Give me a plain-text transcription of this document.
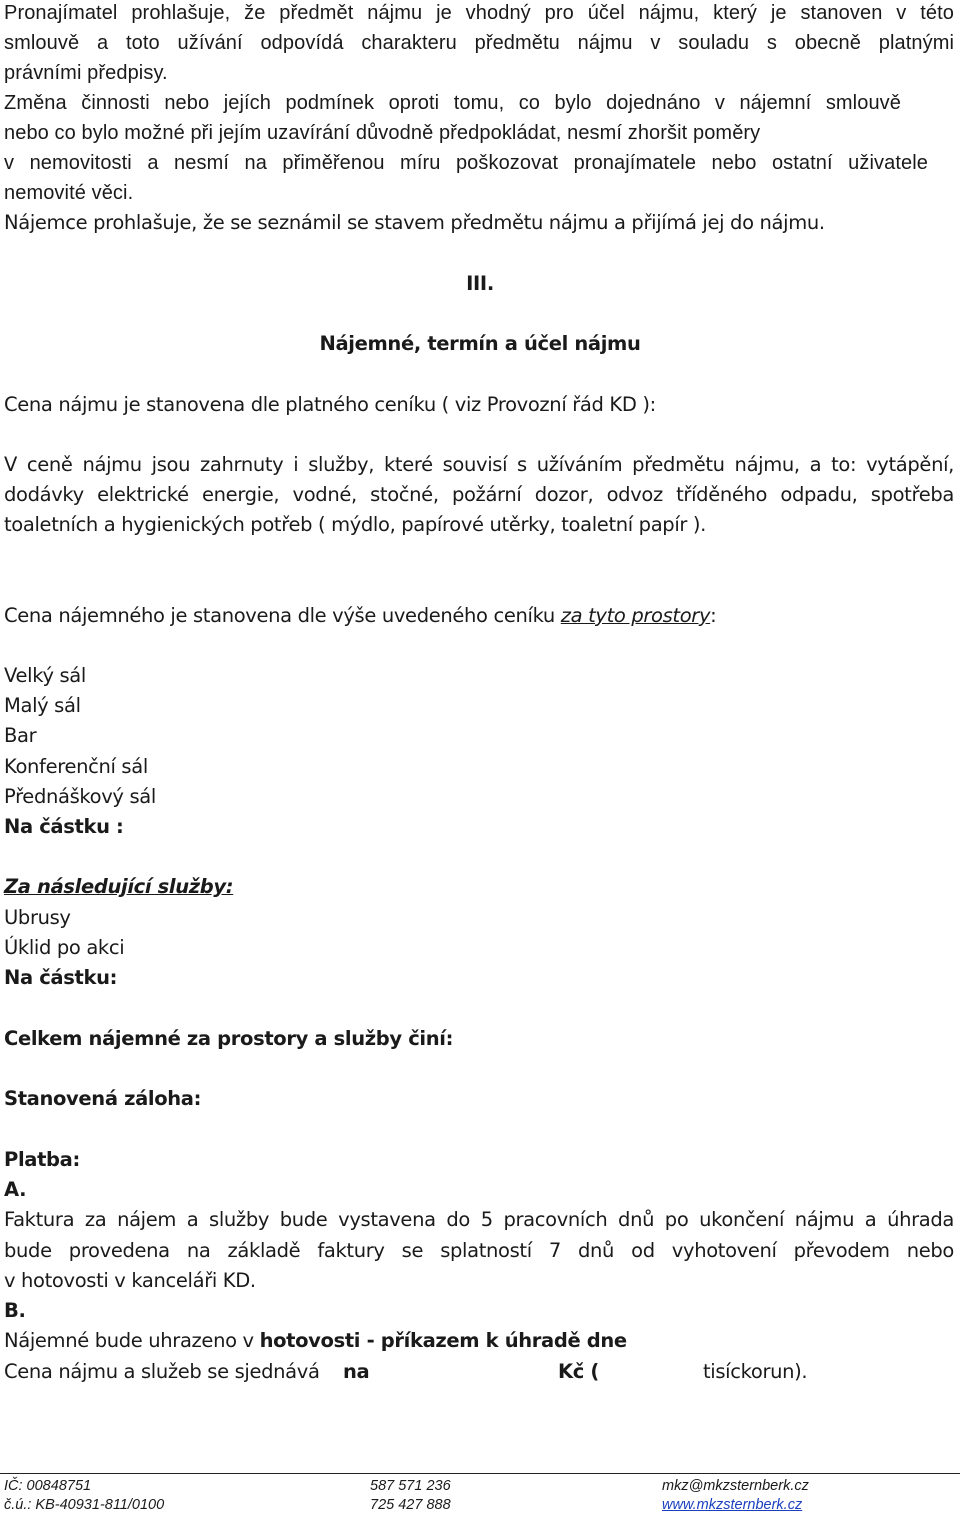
Pronajímatel prohlašuje, že předmět nájmu je vhodný pro účel nájmu, který je stanoven v této
smlouvě a toto užívání odpovídá charakteru předmětu nájmu v souladu s obecně platnými
právními předpisy.
Změna činnosti nebo jejích podmínek oproti tomu, co bylo dojednáno v nájemní smlouvě
nebo co bylo možné při jejím uzavírání důvodně předpokládat, nesmí zhoršit poměry
v nemovitosti a nesmí na přiměřenou míru poškozovat pronajímatele nebo ostatní uživatele
nemovité věci.
Nájemce prohlašuje, že se seznámil se stavem předmětu nájmu a přijímá jej do nájmu.
III.
Nájemné, termín a účel nájmu
Cena nájmu je stanovena dle platného ceníku ( viz Provozní řád KD ):
V ceně nájmu jsou zahrnuty i služby, které souvisí s užíváním předmětu nájmu, a to: vytápění,
dodávky elektrické energie, vodné, stočné, požární dozor, odvoz tříděného odpadu, spotřeba
toaletních a hygienických potřeb ( mýdlo, papírové utěrky, toaletní papír ).
Cena nájemného je stanovena dle výše uvedeného ceníku za tyto prostory:
Velký sál
Malý sál
Bar
Konferenční sál
Přednáškový sál
Na částku :
Za následující služby:
Ubrusy
Úklid po akci
Na částku:
Celkem nájemné za prostory a služby činí:
Stanovená záloha:
Platba:
A.
Faktura za nájem a služby bude vystavena do 5 pracovních dnů po ukončení nájmu a úhrada
bude provedena na základě faktury se splatností 7 dnů od vyhotovení převodem nebo
v hotovosti v kanceláři KD.
B.
Nájemné bude uhrazeno v hotovosti - příkazem k úhradě dne
Cena nájmu a služeb se sjednává na	Kč (	tisíckorun).
IČ: 00848751
č.ú.: KB-40931-811/0100
587 571 236
725 427 888
mkz@mkzsternberk.cz
www.mkzsternberk.cz
